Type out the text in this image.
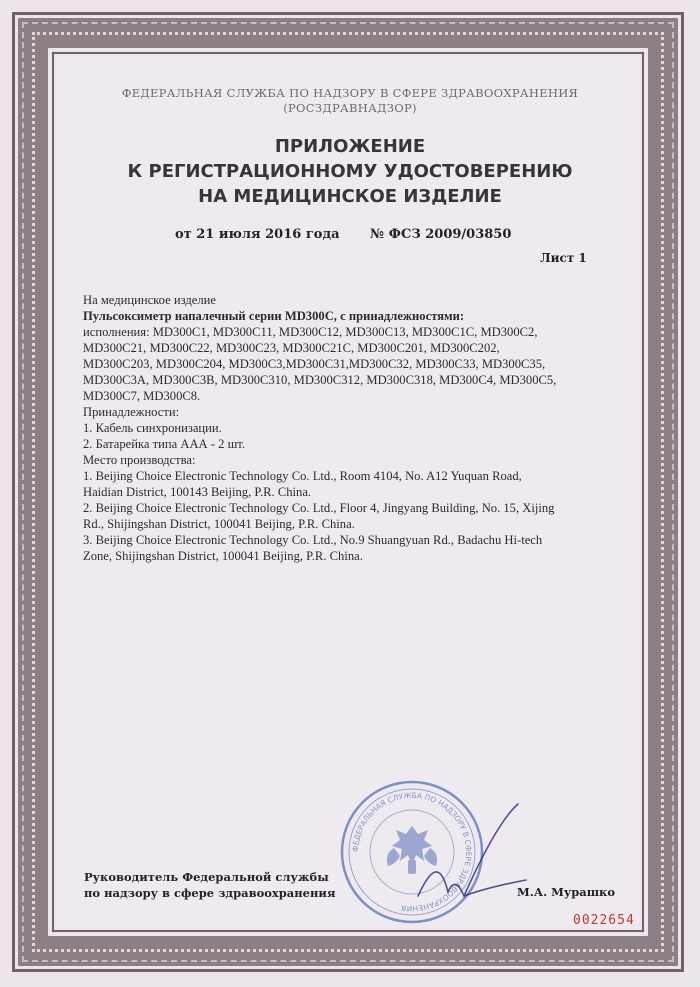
ФЕДЕРАЛЬНАЯ СЛУЖБА ПО НАДЗОРУ В СФЕРЕ ЗДРАВООХРАНЕНИЯ
(РОСЗДРАВНАДЗОР)
ПРИЛОЖЕНИЕ
К РЕГИСТРАЦИОННОМУ УДОСТОВЕРЕНИЮ
НА МЕДИЦИНСКОЕ ИЗДЕЛИЕ
от 21 июля 2016 года № ФСЗ 2009/03850
Лист 1

На медицинское изделие

Пульсоксиметр напалечный серии MD300C, с принадлежностями:

исполнения: MD300C1, MD300C11, MD300C12, MD300C13, MD300C1C, MD300C2,

MD300C21, MD300C22, MD300C23, MD300C21C, MD300C201, MD300C202,

MD300C203, MD300C204, MD300C3,MD300C31,MD300C32, MD300C33, MD300C35,

MD300C3A, MD300C3B, MD300C310, MD300C312, MD300C318, MD300C4, MD300C5,

MD300C7, MD300C8.

Принадлежности:

1. Кабель синхронизации.

2. Батарейка типа ААА - 2 шт.

Место производства:

1. Beijing Choice Electronic Technology Co. Ltd., Room 4104, No. A12 Yuquan Road,

Haidian District, 100143 Beijing, P.R. China.

2. Beijing Choice Electronic Technology Co. Ltd., Floor 4, Jingyang Building, No. 15, Xijing

Rd., Shijingshan District, 100041 Beijing, P.R. China.

3. Beijing Choice Electronic Technology Co. Ltd., No.9 Shuangyuan Rd., Badachu Hi-tech

Zone, Shijingshan District, 100041 Beijing, P.R. China.

ФЕДЕРАЛЬНАЯ СЛУЖБА ПО НАДЗОРУ В СФЕРЕ ЗДРАВООХРАНЕНИЯ
Руководитель Федеральной службы
по надзору в сфере здравоохранения	М.А. Мурашко
0022654
